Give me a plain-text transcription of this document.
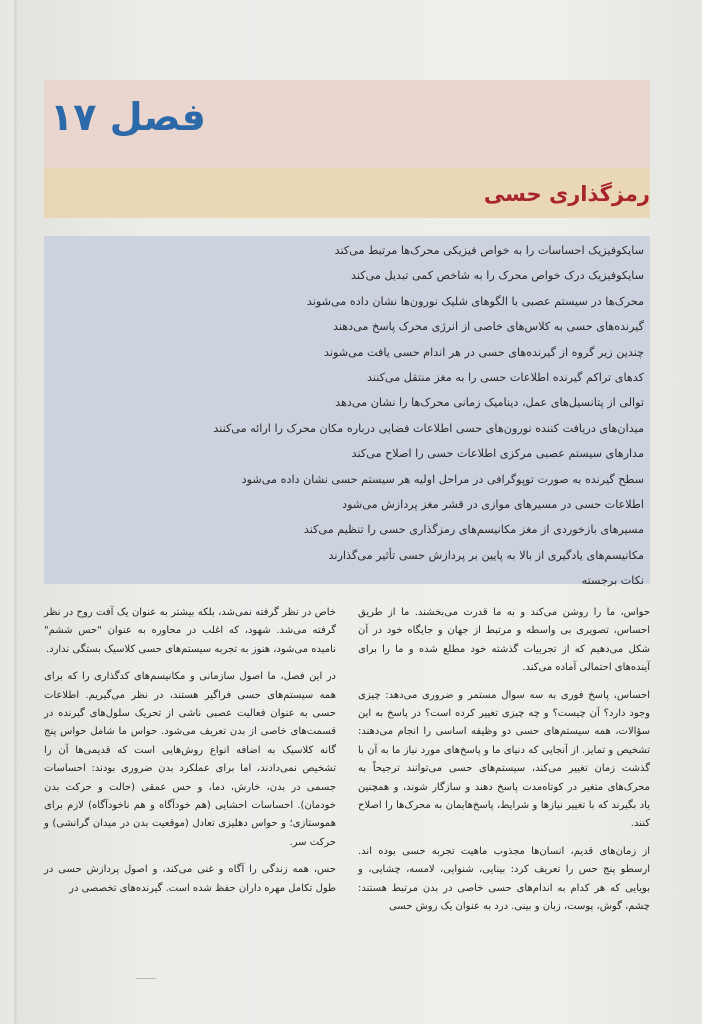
فصل ۱۷
رمزگذاری حسی
سایکوفیزیک احساسات را به خواص فیزیکی محرک‌ها مرتبط می‌کند
سایکوفیزیک درک خواص محرک را به شاخص کمی تبدیل می‌کند
محرک‌ها در سیستم عصبی با الگوهای شلیک نورون‌ها نشان داده می‌شوند
گیرنده‌های حسی به کلاس‌های خاصی از انرژی محرک پاسخ می‌دهند
چندین زیر گروه از گیرنده‌های حسی در هر اندام حسی یافت می‌شوند
کدهای تراکم گیرنده اطلاعات حسی را به مغز منتقل می‌کنند
توالی از پتانسیل‌های عمل، دینامیک زمانی محرک‌ها را نشان می‌دهد
میدان‌های دریافت کننده نورون‌های حسی اطلاعات فضایی درباره مکان محرک را ارائه می‌کنند
مدارهای سیستم عصبی مرکزی اطلاعات حسی را اصلاح می‌کند
سطح گیرنده به صورت توپوگرافی در مراحل اولیه هر سیستم حسی نشان داده می‌شود
اطلاعات حسی در مسیرهای موازی در قشر مغز پردازش می‌شود
مسیرهای بازخوردی از مغز مکانیسم‌های رمزگذاری حسی را تنظیم می‌کند
مکانیسم‌های یادگیری از بالا به پایین بر پردازش حسی تأثیر می‌گذارند
نکات برجسته

حواس، ما را روشن می‌کند و به ما قدرت می‌بخشند. ما از طریق احساس، تصویری بی واسطه و مرتبط از جهان و جایگاه خود در آن شکل می‌دهیم که از تجربیات گذشته خود مطلع شده و ما را برای آینده‌های احتمالی آماده می‌کند.

احساس، پاسخ فوری به سه سوال مستمر و ضروری می‌دهد: چیزی وجود دارد؟ آن چیست؟ و چه چیزی تغییر کرده است؟ در پاسخ به این سؤالات، همه سیستم‌های حسی دو وظیفه اساسی را انجام می‌دهند: تشخیص و تمایز. از آنجایی که دنیای ما و پاسخ‌های مورد نیاز ما به آن با گذشت زمان تغییر می‌کند، سیستم‌های حسی می‌توانند ترجیحاً به محرک‌های متغیر در کوتاه‌مدت پاسخ دهند و سازگار شوند، و همچنین یاد بگیرند که با تغییر نیازها و شرایط، پاسخ‌هایمان به محرک‌ها را اصلاح کنند.

از زمان‌های قدیم، انسان‌ها مجذوب ماهیت تجربه حسی بوده اند. ارسطو پنج حس را تعریف کرد: بینایی، شنوایی، لامسه، چشایی، و بویایی که هر کدام به اندام‌های حسی خاصی در بدن مرتبط هستند: چشم، گوش، پوست، زبان و بینی. درد به عنوان یک روش حسی

خاص در نظر گرفته نمی‌شد، بلکه بیشتر به عنوان یک آفت روح در نظر گرفته می‌شد. شهود، که اغلب در محاوره به عنوان "حس ششم" نامیده می‌شود، هنوز به تجربه سیستم‌های حسی کلاسیک بستگی ندارد.

در این فصل، ما اصول سازمانی و مکانیسم‌های کدگذاری را که برای همه سیستم‌های حسی فراگیر هستند، در نظر می‌گیریم. اطلاعات حسی به عنوان فعالیت عصبی ناشی از تحریک سلول‌های گیرنده در قسمت‌های خاصی از بدن تعریف می‌شود. حواس ما شامل حواس پنج گانه کلاسیک به اضافه انواع روش‌هایی است که قدیمی‌ها آن را تشخیص نمی‌دادند، اما برای عملکرد بدن ضروری بودند: احساسات جسمی در بدن، خارش، دما، و حس عمقی (حالت و حرکت بدن خودمان). احساسات احشایی (هم خودآگاه و هم ناخودآگاه) لازم برای هموستازی؛ و حواس دهلیزی تعادل (موقعیت بدن در میدان گرانشی) و حرکت سر.

حس، همه زندگی را آگاه و غنی می‌کند، و اصول پردازش حسی در طول تکامل مهره داران حفظ شده است. گیرنده‌های تخصصی در
